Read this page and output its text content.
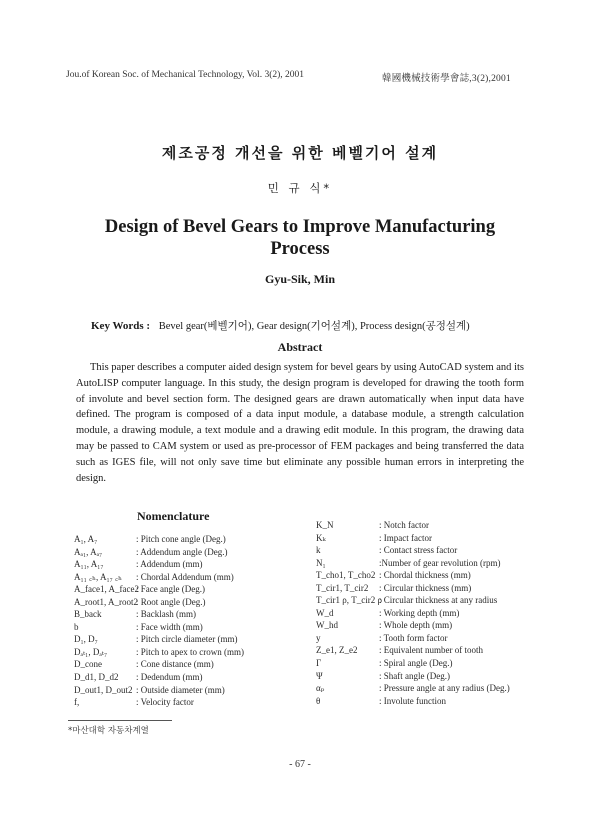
Jou.of Korean Soc. of Mechanical Technology, Vol. 3(2), 2001	韓國機械技術學會誌,3(2),2001
제조공정 개선을 위한 베벨기어 설계
민 규 식*
Design of Bevel Gears to Improve Manufacturing
Process
Gyu-Sik, Min
Key Words : Bevel gear(베벨기어), Gear design(기어설계), Process design(공정설계)
Abstract

This paper describes a computer aided design system for bevel gears by using AutoCAD system and its AutoLISP computer language. In this study, the design program is developed for drawing the tooth form of involute and bevel section form. The designed gears are drawn automatically when input data have defined. The program is composed of a data input module, a database module, a strength calculation module, a drawing module, a text module and a drawing edit module. In this program, the drawing data may be passed to CAM system or used as pre-processor of FEM packages and being transferred the data such as IGES file, will not only save time but eliminate any possible human errors in interpreting the design.

Nomenclature
A₁, A₇	: Pitch cone angle (Deg.)
Aₐ₁, Aₐ₇	: Addendum angle (Deg.)
A₁₁, A₁₇	: Addendum (mm)
A₁₁ ꜀ₕ, A₁₇ ꜀ₕ : Chordal Addendum (mm)
A_face1, A_face2
: Face angle (Deg.)
A_root1, A_root2
: Root angle (Deg.)
B_back	: Backlash (mm)
b	: Face width (mm)
D₁, D₇	: Pitch circle diameter (mm)
Dₐₜ₁, Dₐₜ₇	: Pitch to apex to crown (mm)
D_cone	: Cone distance (mm)
D_d1, D_d2 : Dedendum (mm)
D_out1, D_out2 : Outside diameter (mm)
f,	: Velocity factor
K_N	: Notch factor
Kₖ	: Impact factor
k	: Contact stress factor
N₁	:Number of gear revolution (rpm)
T_cho1, T_cho2 : Chordal thickness (mm)
T_cir1, T_cir2 : Circular thickness (mm)
T_cir1 ρ, T_cir2 ρ
: Circular thickness at any radius
W_d	: Working depth (mm)
W_hd	: Whole depth (mm)
y	: Tooth form factor
Z_e1, Z_e2 : Equivalent number of tooth
Γ	: Spiral angle (Deg.)
Ψ	: Shaft angle (Deg.)
αₚ	: Pressure angle at any radius (Deg.)
θ	: Involute function
*마산대학 자동차계열
- 67 -
